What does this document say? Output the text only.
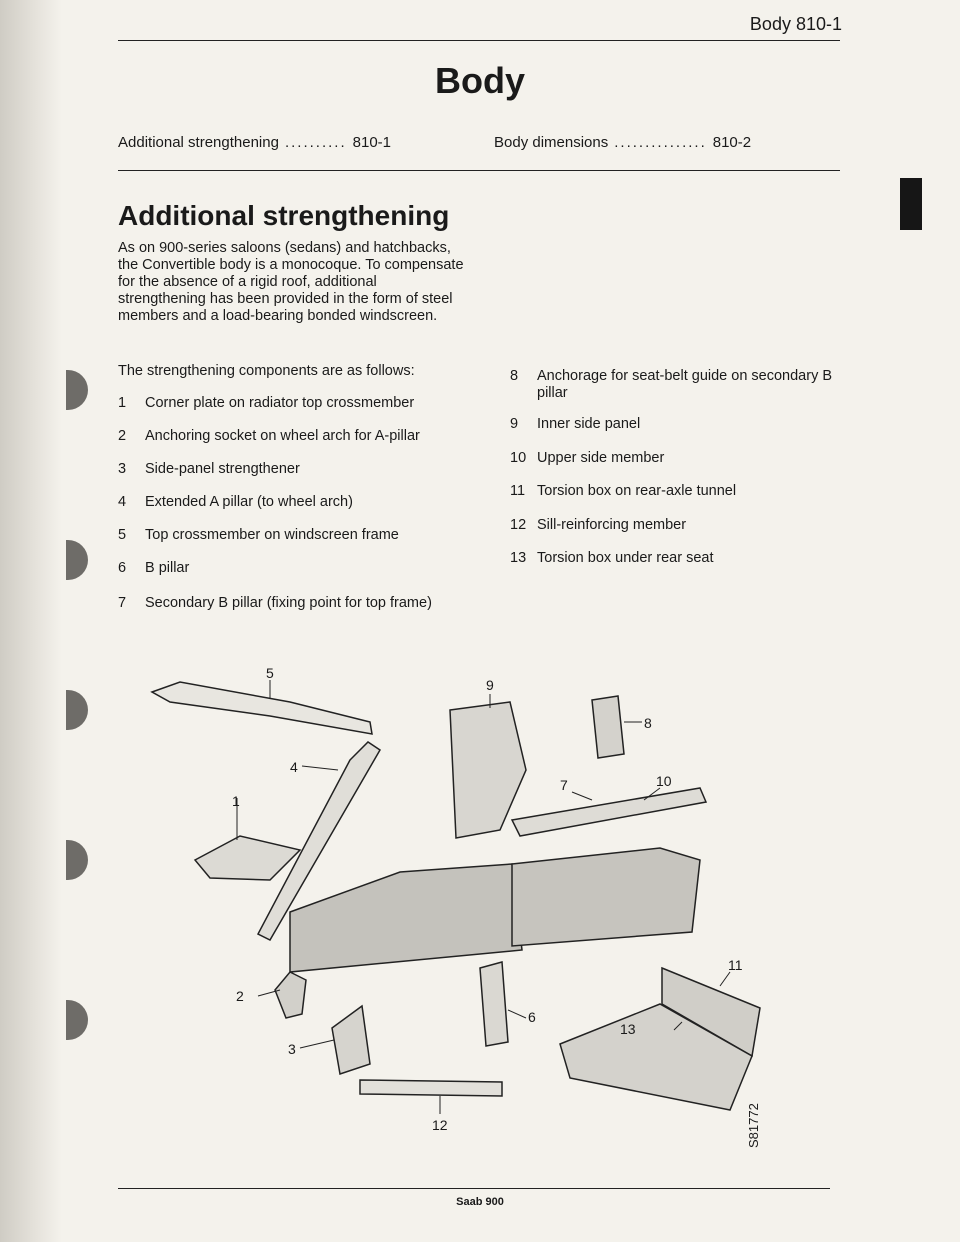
Body 810-1
Body
Additional strengthening .......... 810-1	Body dimensions ............... 810-2
Additional strengthening
As on 900-series saloons (sedans) and hatchbacks, the Convertible body is a monocoque. To compensate for the absence of a rigid roof, additional strengthening has been provided in the form of steel members and a load-bearing bonded windscreen.
The strengthening components are as follows:
1	Corner plate on radiator top crossmember
2	Anchoring socket on wheel arch for A-pillar
3	Side-panel strengthener
4	Extended A pillar (to wheel arch)
5	Top crossmember on windscreen frame
6	B pillar
7	Secondary B pillar (fixing point for top frame)
8	Anchorage for seat-belt guide on secondary B pillar
9	Inner side panel
10 Upper side member
11 Torsion box on rear-axle tunnel
12 Sill-reinforcing member
13 Torsion box under rear seat
1
2
3
4
5
6
7
8
9
10
11
13
12	S81772
Saab 900
